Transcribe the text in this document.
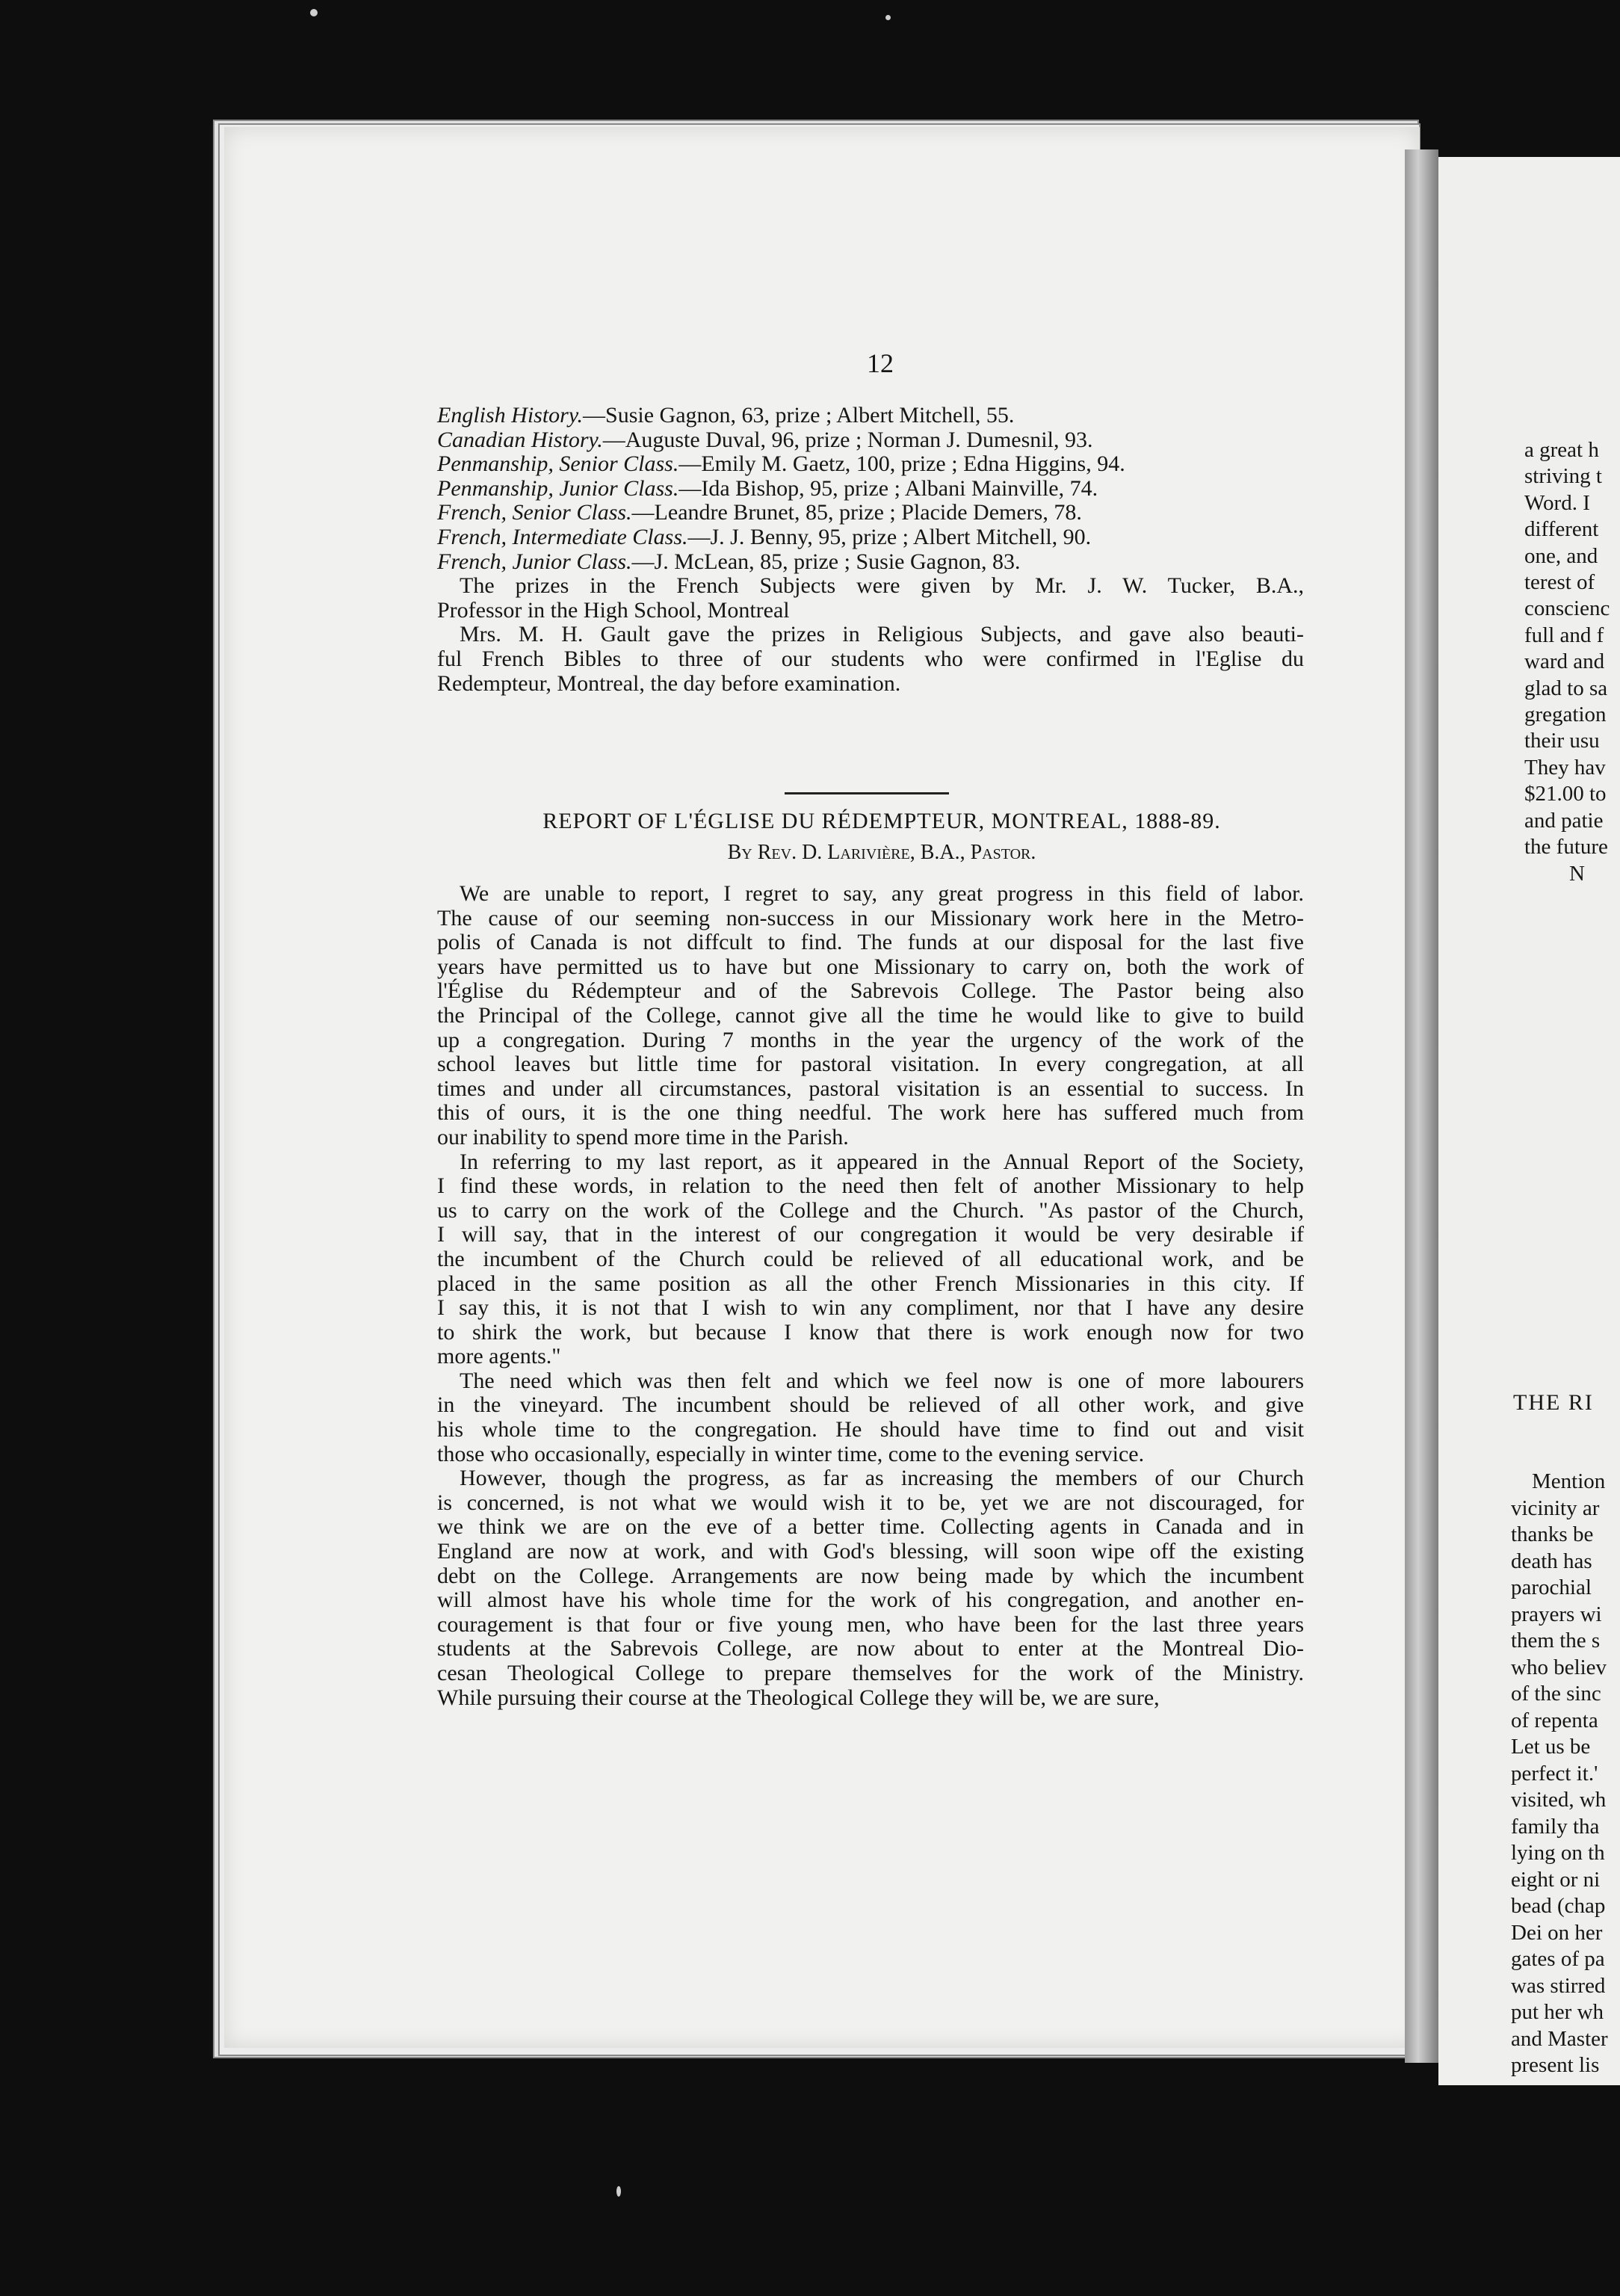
12
English History.—Susie Gagnon, 63, prize ; Albert Mitchell, 55.
Canadian History.—Auguste Duval, 96, prize ; Norman J. Dumesnil, 93.
Penmanship, Senior Class.—Emily M. Gaetz, 100, prize ; Edna Higgins, 94.
Penmanship, Junior Class.—Ida Bishop, 95, prize ; Albani Mainville, 74.
French, Senior Class.—Leandre Brunet, 85, prize ; Placide Demers, 78.
French, Intermediate Class.—J. J. Benny, 95, prize ; Albert Mitchell, 90.
French, Junior Class.—J. McLean, 85, prize ; Susie Gagnon, 83.
The prizes in the French Subjects were given by Mr. J. W. Tucker, B.A.,
Professor in the High School, Montreal
Mrs. M. H. Gault gave the prizes in Religious Subjects, and gave also beauti-
ful French Bibles to three of our students who were confirmed in l'Eglise du
Redempteur, Montreal, the day before examination.
REPORT OF L'ÉGLISE DU RÉDEMPTEUR, MONTREAL, 1888-89.
By Rev. D. Larivière, B.A., Pastor.
We are unable to report, I regret to say, any great progress in this field of labor.
The cause of our seeming non-success in our Missionary work here in the Metro-
polis of Canada is not diffcult to find. The funds at our disposal for the last five
years have permitted us to have but one Missionary to carry on, both the work of
l'Église du Rédempteur and of the Sabrevois College. The Pastor being also
the Principal of the College, cannot give all the time he would like to give to build
up a congregation. During 7 months in the year the urgency of the work of the
school leaves but little time for pastoral visitation. In every congregation, at all
times and under all circumstances, pastoral visitation is an essential to success. In
this of ours, it is the one thing needful. The work here has suffered much from
our inability to spend more time in the Parish.
In referring to my last report, as it appeared in the Annual Report of the Society,
I find these words, in relation to the need then felt of another Missionary to help
us to carry on the work of the College and the Church. "As pastor of the Church,
I will say, that in the interest of our congregation it would be very desirable if
the incumbent of the Church could be relieved of all educational work, and be
placed in the same position as all the other French Missionaries in this city. If
I say this, it is not that I wish to win any compliment, nor that I have any desire
to shirk the work, but because I know that there is work enough now for two
more agents."
The need which was then felt and which we feel now is one of more labourers
in the vineyard. The incumbent should be relieved of all other work, and give
his whole time to the congregation. He should have time to find out and visit
those who occasionally, especially in winter time, come to the evening service.
However, though the progress, as far as increasing the members of our Church
is concerned, is not what we would wish it to be, yet we are not discouraged, for
we think we are on the eve of a better time. Collecting agents in Canada and in
England are now at work, and with God's blessing, will soon wipe off the existing
debt on the College. Arrangements are now being made by which the incumbent
will almost have his whole time for the work of his congregation, and another en-
couragement is that four or five young men, who have been for the last three years
students at the Sabrevois College, are now about to enter at the Montreal Dio-
cesan Theological College to prepare themselves for the work of the Ministry.
While pursuing their course at the Theological College they will be, we are sure,
a great h
striving t
Word. I
different
one, and
terest of
conscienc
full and f
ward and
glad to sa
gregation
their usu
They hav
$21.00 to
and patie
the future
N
THE RI
Mention
vicinity ar
thanks be
death has
parochial
prayers wi
them the s
who believ
of the sinc
of repenta
Let us be
perfect it.'
visited, wh
family tha
lying on th
eight or ni
bead (chap
Dei on her
gates of pa
was stirred
put her wh
and Master
present lis
